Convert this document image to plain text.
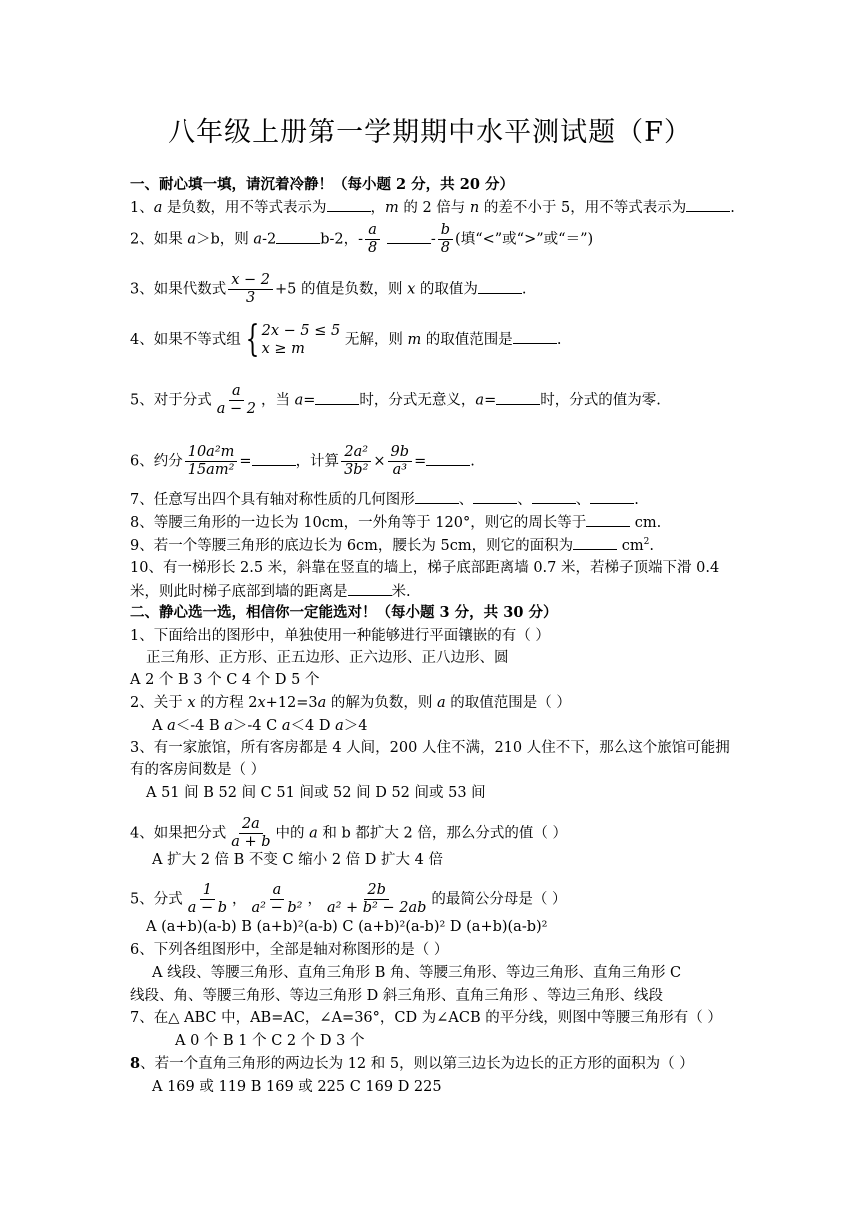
八年级上册第一学期期中水平测试题（F）
一、耐心填一填，请沉着冷静！（每小题 2 分，共 20 分）
1、a 是负数，用不等式表示为	，m 的 2 倍与 n 的差不小于 5，用不等式表示为	.
2、如果 a＞b，则 a-2	b-2，- $\frac{a}{8}$	- $\frac{b}{8}$ (填“<”或“>”或“＝”)
3、如果代数式 $\frac{x - 2}{3} +5$ 的值是负数，则 x 的取值为	.
4、如果不等式组 { 2x − 5 ≤ 5
x ≥ m
无解，则 m 的取值范围是	.
5、对于分式 $\frac{a}{a - 2}$ ，当 a=	时，分式无意义，a=	时，分式的值为零.
6、约分 $\frac{\text{10a²m}}{\text{15am²}}$ =	，计算 $\frac{\text{2a²}}{\text{3b²}} \times \frac{9b}{\text{a³}}$ =	.
7、任意写出四个具有轴对称性质的几何图形	、	、	、	.
8、等腰三角形的一边长为 10cm，一外角等于 120°，则它的周长等于	cm.
9、若一个等腰三角形的底边长为 6cm，腰长为 5cm，则它的面积为	$cm^2$.
10、有一梯形长 2.5 米，斜靠在竖直的墙上，梯子底部距离墙 0.7 米，若梯子顶端下滑 0.4
米，则此时梯子底部到墙的距离是	米.
二、静心选一选，相信你一定能选对！（每小题 3 分，共 30 分）
1、下面给出的图形中，单独使用一种能够进行平面镶嵌的有（ ）
正三角形、正方形、正五边形、正六边形、正八边形、圆
A 2 个 B 3 个 C 4 个 D 5 个
2、关于 x 的方程 2x+12=3a 的解为负数，则 a 的取值范围是（ ）
A a＜-4 B a＞-4 C a＜4 D a＞4
3、有一家旅馆，所有客房都是 4 人间，200 人住不满，210 人住不下，那么这个旅馆可能拥
有的客房间数是（ ）
A 51 间 B 52 间 C 51 间或 52 间 D 52 间或 53 间
4、如果把分式 $\frac{2a}{a + b}$ 中的 a 和 b 都扩大 2 倍，那么分式的值（ ）
A 扩大 2 倍 B 不变 C 缩小 2 倍 D 扩大 4 倍
5、分式 $\frac{1}{a - b}$ ， $\frac{a}{\text{a² − b²}}$ ， $\frac{2b}{\text{a² + b² − 2ab}}$ 的最简公分母是（ ）
A (a+b)(a-b) B (a+b)²(a-b) C (a+b)²(a-b)² D (a+b)(a-b)²
6、下列各组图形中，全部是轴对称图形的是（ ）
A 线段、等腰三角形、直角三角形 B 角、等腰三角形、等边三角形、直角三角形 C
线段、角、等腰三角形、等边三角形 D 斜三角形、直角三角形 、等边三角形、线段
7、在△ ABC 中，AB=AC，∠A=36°，CD 为∠ACB 的平分线，则图中等腰三角形有（ ）
A 0 个 B 1 个 C 2 个 D 3 个
8、若一个直角三角形的两边长为 12 和 5，则以第三边长为边长的正方形的面积为（ ）
A 169 或 119 B 169 或 225 C 169 D 225
